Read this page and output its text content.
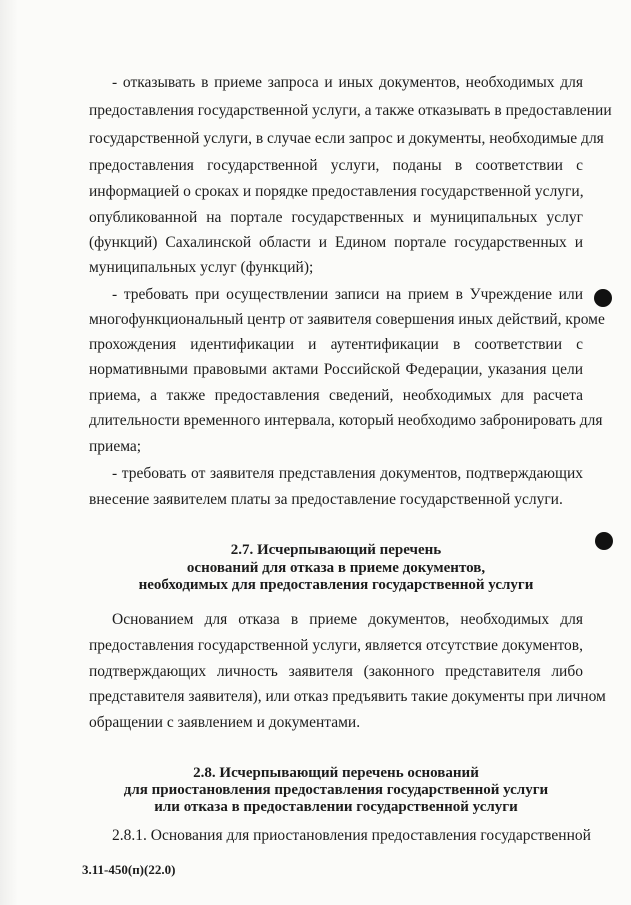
- отказывать в приеме запроса и иных документов, необходимых для
предоставления государственной услуги, а также отказывать в предоставлении
государственной услуги, в случае если запрос и документы, необходимые для
предоставления государственной услуги, поданы в соответствии с
информацией о сроках и порядке предоставления государственной услуги,
опубликованной на портале государственных и муниципальных услуг
(функций) Сахалинской области и Едином портале государственных и
муниципальных услуг (функций);
- требовать при осуществлении записи на прием в Учреждение или
многофункциональный центр от заявителя совершения иных действий, кроме
прохождения идентификации и аутентификации в соответствии с
нормативными правовыми актами Российской Федерации, указания цели
приема, а также предоставления сведений, необходимых для расчета
длительности временного интервала, который необходимо забронировать для
приема;
- требовать от заявителя представления документов, подтверждающих
внесение заявителем платы за предоставление государственной услуги.
2.7. Исчерпывающий перечень
оснований для отказа в приеме документов,
необходимых для предоставления государственной услуги
Основанием для отказа в приеме документов, необходимых для
предоставления государственной услуги, является отсутствие документов,
подтверждающих личность заявителя (законного представителя либо
представителя заявителя), или отказ предъявить такие документы при личном
обращении с заявлением и документами.
2.8. Исчерпывающий перечень оснований
для приостановления предоставления государственной услуги
или отказа в предоставлении государственной услуги
2.8.1. Основания для приостановления предоставления государственной
3.11-450(п)(22.0)
